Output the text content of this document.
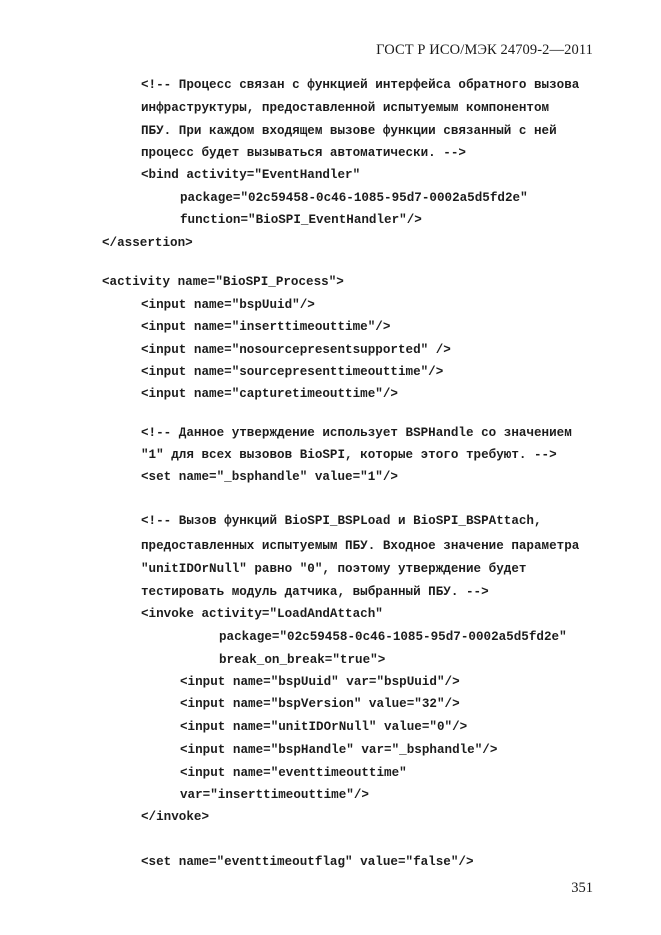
ГОСТ Р ИСО/МЭК 24709-2—2011
<!-- Процесс связан с функцией интерфейса обратного вызова
инфраструктуры, предоставленной испытуемым компонентом
ПБУ. При каждом входящем вызове функции связанный с ней
процесс будет вызываться автоматически. -->
<bind activity="EventHandler"
package="02c59458-0c46-1085-95d7-0002a5d5fd2e"
function="BioSPI_EventHandler"/>
</assertion>
<activity name="BioSPI_Process">
<input name="bspUuid"/>
<input name="inserttimeouttime"/>
<input name="nosourcepresentsupported" />
<input name="sourcepresenttimeouttime"/>
<input name="capturetimeouttime"/>
<!-- Данное утверждение использует BSPHandle со значением
"1" для всех вызовов BioSPI, которые этого требуют. -->
<set name="_bsphandle" value="1"/>
<!-- Вызов функций BioSPI_BSPLoad и BioSPI_BSPAttach,
предоставленных испытуемым ПБУ. Входное значение параметра
"unitIDOrNull" равно "0", поэтому утверждение будет
тестировать модуль датчика, выбранный ПБУ. -->
<invoke activity="LoadAndAttach"
package="02c59458-0c46-1085-95d7-0002a5d5fd2e"
break_on_break="true">
<input name="bspUuid" var="bspUuid"/>
<input name="bspVersion" value="32"/>
<input name="unitIDOrNull" value="0"/>
<input name="bspHandle" var="_bsphandle"/>
<input name="eventtimeouttime"
var="inserttimeouttime"/>
</invoke>
<set name="eventtimeoutflag" value="false"/>
351
